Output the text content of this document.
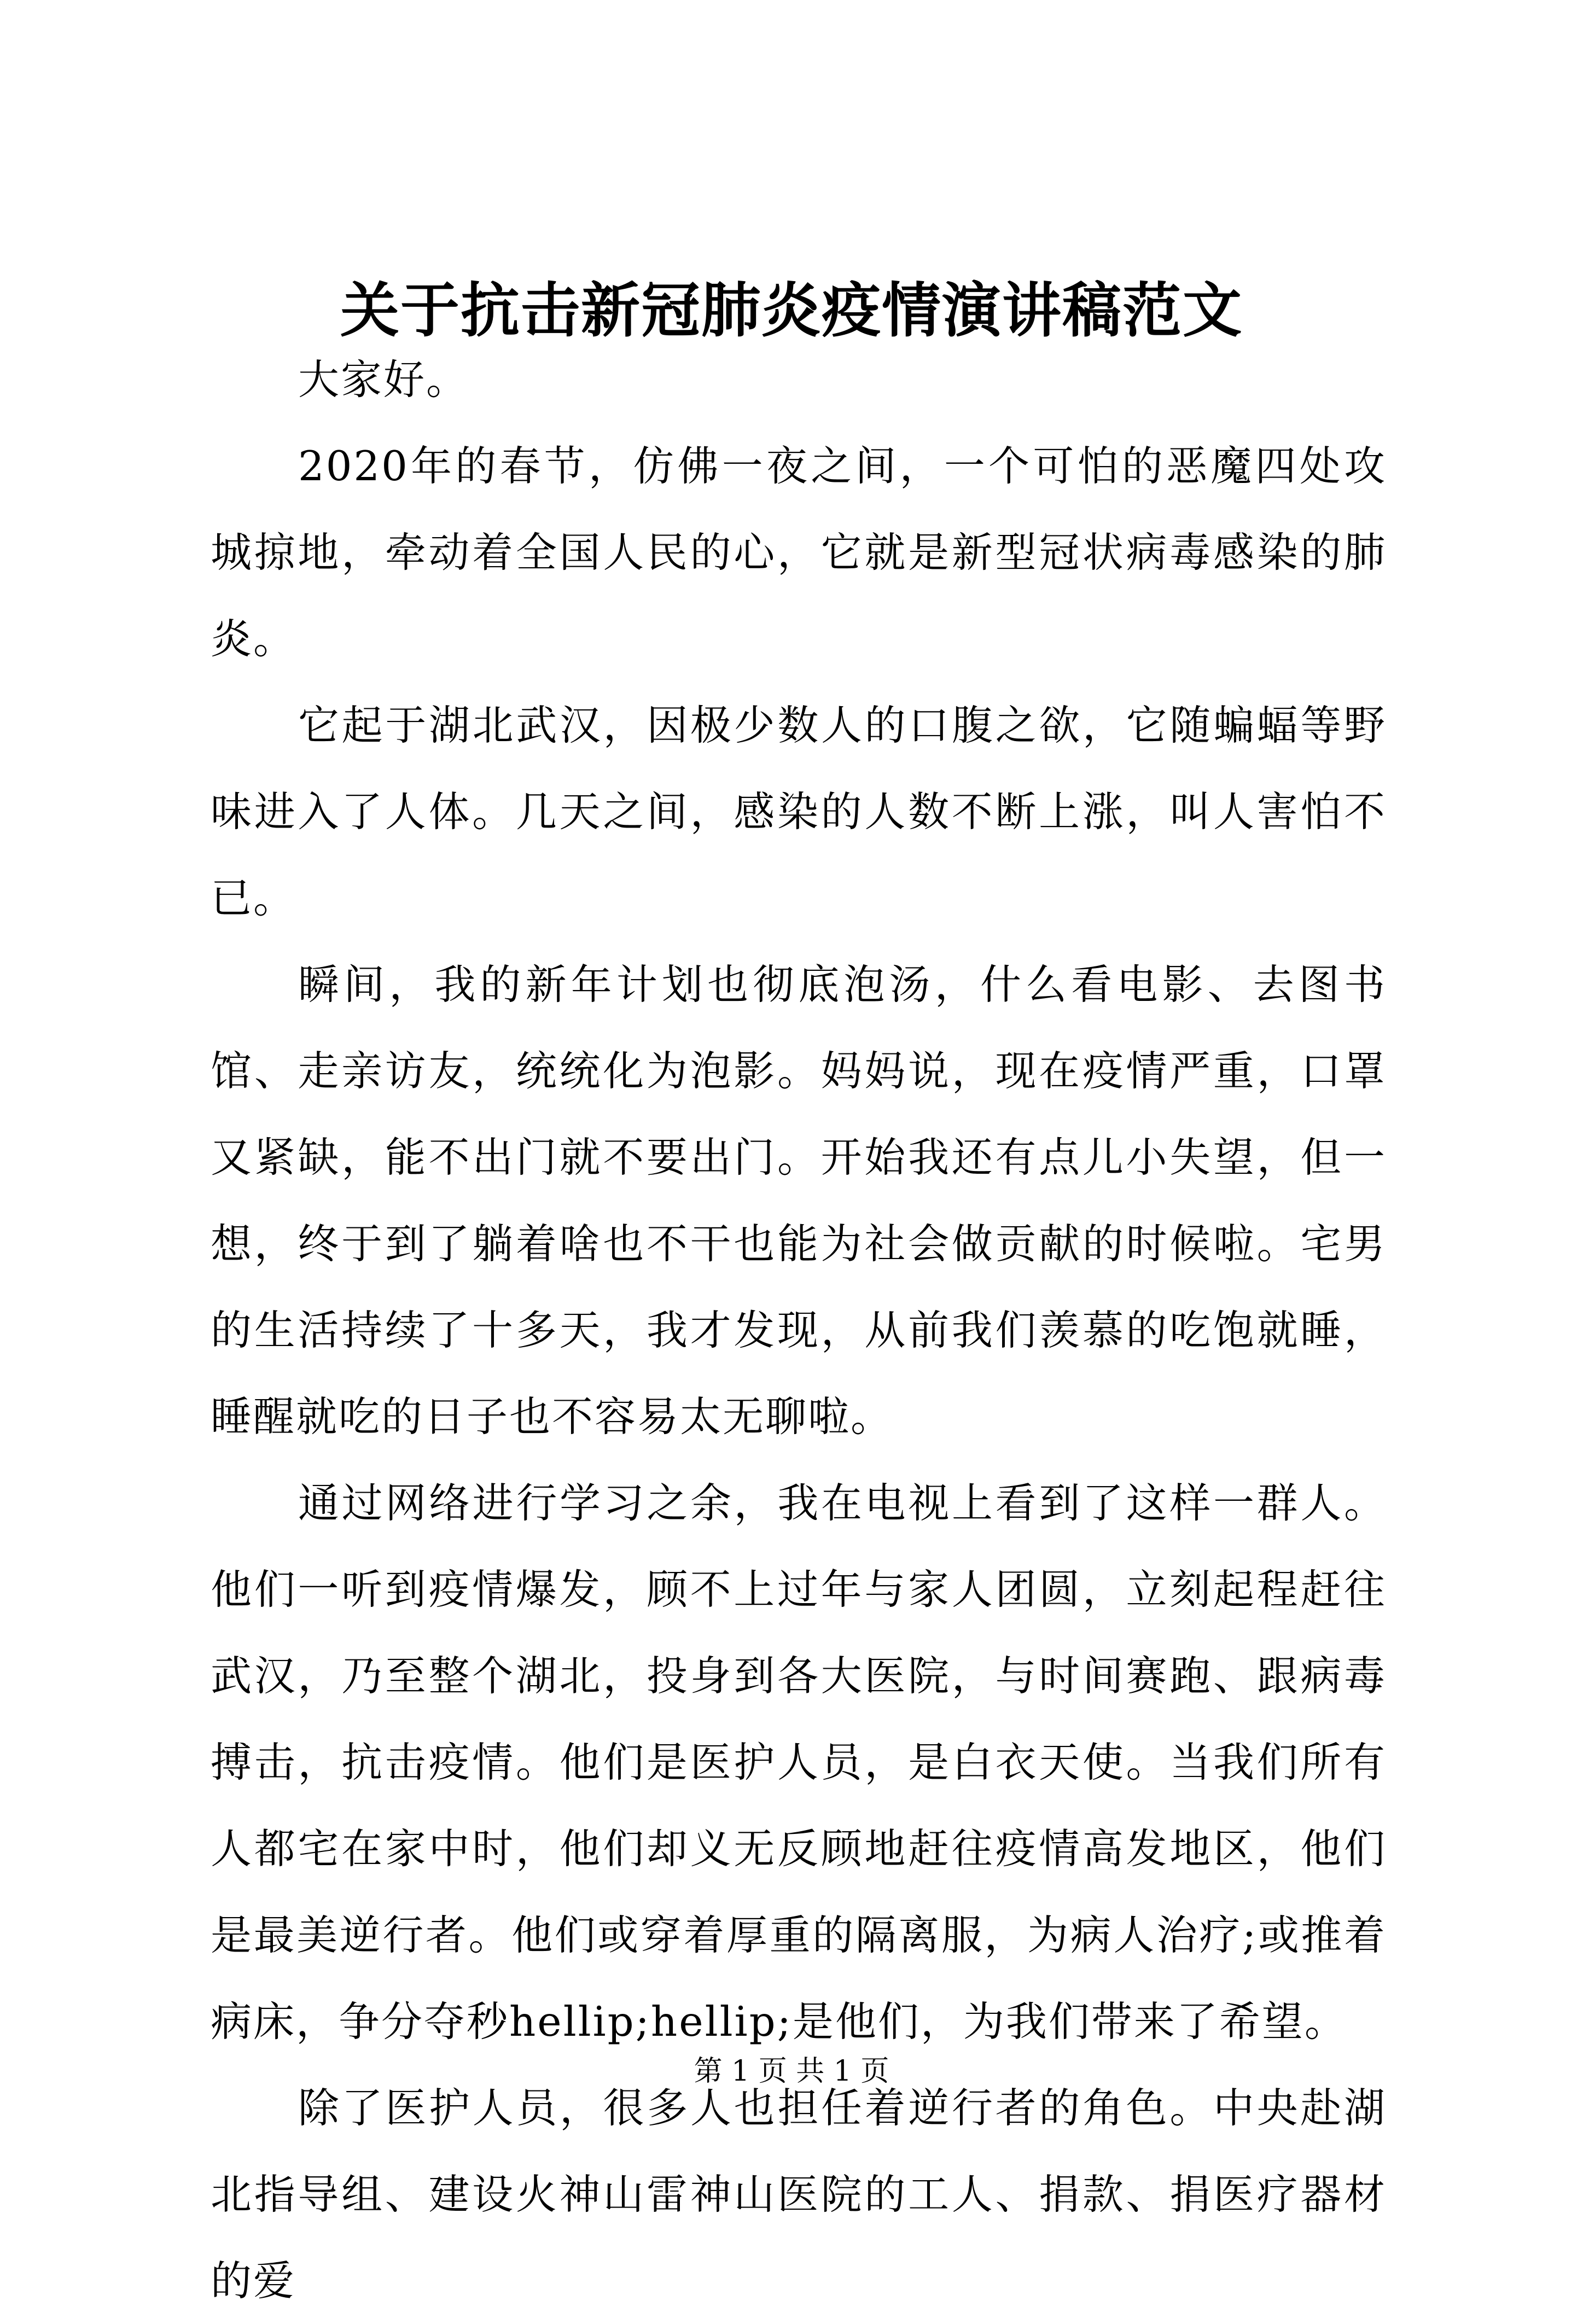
关于抗击新冠肺炎疫情演讲稿范文

大家好。

2020年的春节，仿佛一夜之间，一个可怕的恶魔四处攻城掠地，牵动着全国人民的心，它就是新型冠状病毒感染的肺炎。

它起于湖北武汉，因极少数人的口腹之欲，它随蝙蝠等野味进入了人体。几天之间，感染的人数不断上涨，叫人害怕不已。

瞬间，我的新年计划也彻底泡汤，什么看电影、去图书馆、走亲访友，统统化为泡影。妈妈说，现在疫情严重，口罩又紧缺，能不出门就不要出门。开始我还有点儿小失望，但一想，终于到了躺着啥也不干也能为社会做贡献的时候啦。宅男的生活持续了十多天，我才发现，从前我们羡慕的吃饱就睡，睡醒就吃的日子也不容易太无聊啦。

通过网络进行学习之余，我在电视上看到了这样一群人。他们一听到疫情爆发，顾不上过年与家人团圆，立刻起程赶往武汉，乃至整个湖北，投身到各大医院，与时间赛跑、跟病毒搏击，抗击疫情。他们是医护人员，是白衣天使。当我们所有人都宅在家中时，他们却义无反顾地赶往疫情高发地区，他们是最美逆行者。他们或穿着厚重的隔离服，为病人治疗;或推着病床，争分夺秒hellip;hellip;是他们，为我们带来了希望。

除了医护人员，很多人也担任着逆行者的角色。中央赴湖北指导组、建设火神山雷神山医院的工人、捐款、捐医疗器材的爱

第 1 页 共 1 页
